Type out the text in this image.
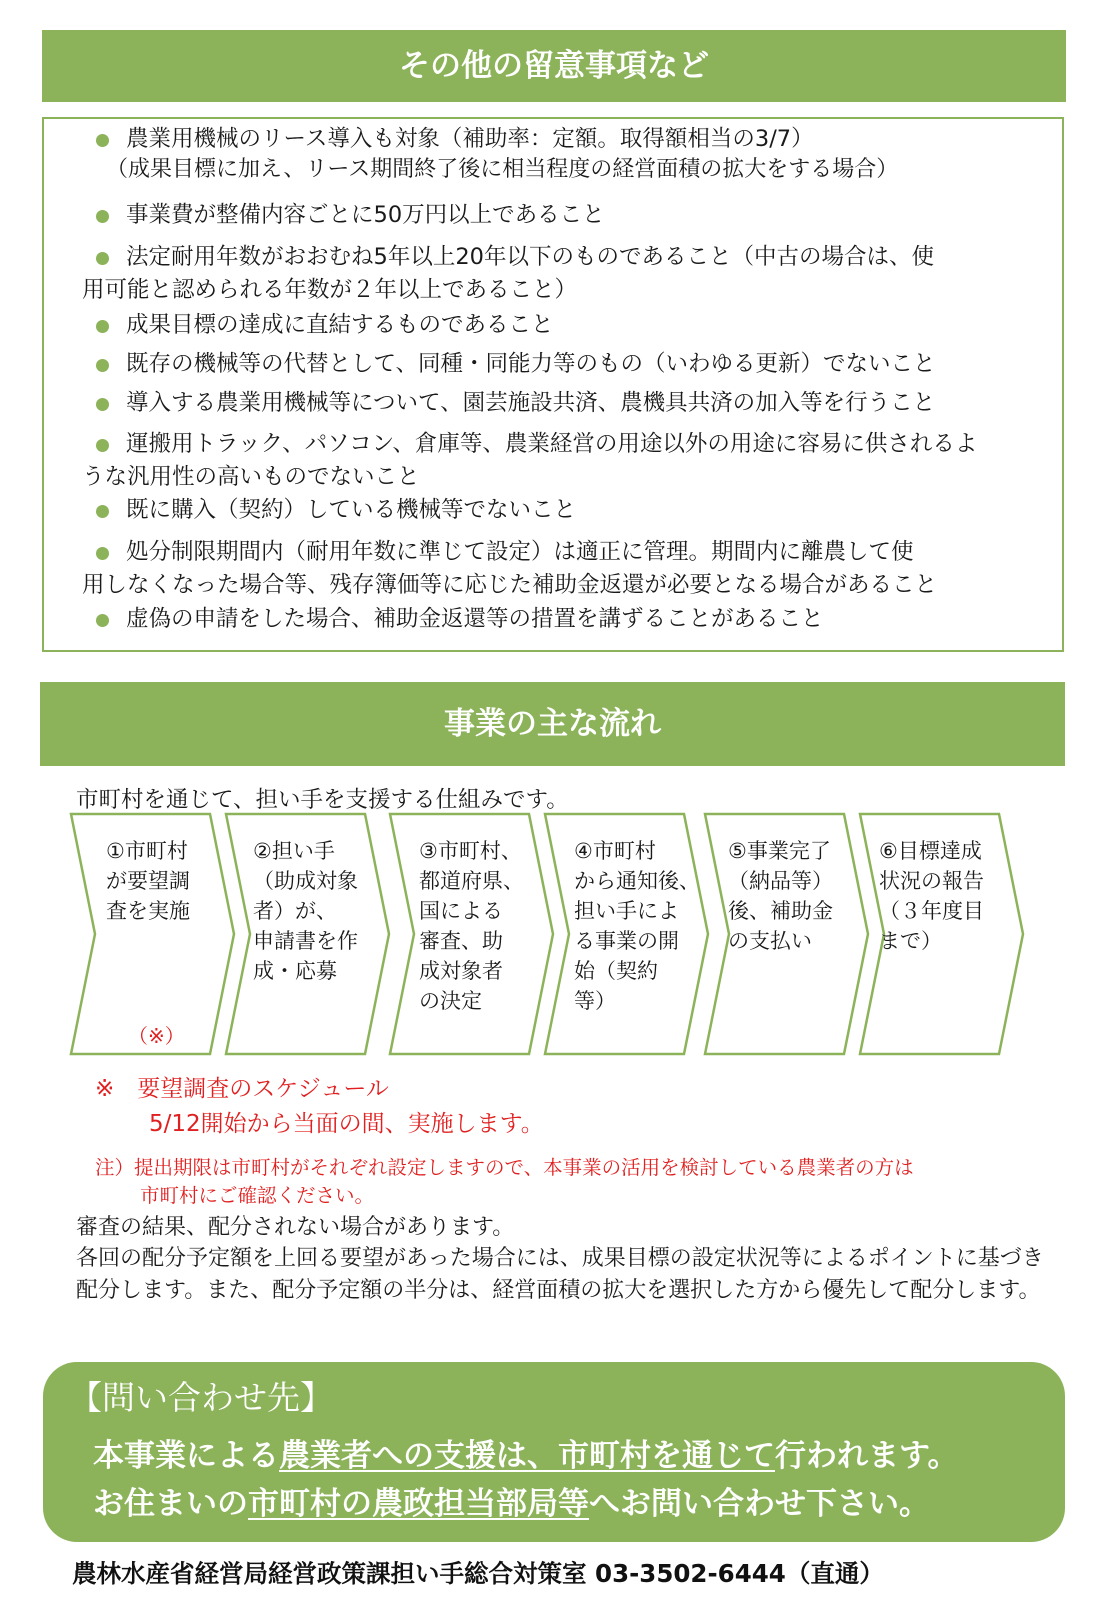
その他の留意事項など
農業用機械のリース導入も対象（補助率：定額。取得額相当の3/7）
（成果目標に加え、リース期間終了後に相当程度の経営面積の拡大をする場合）
事業費が整備内容ごとに50万円以上であること
法定耐用年数がおおむね5年以上20年以下のものであること（中古の場合は、使
用可能と認められる年数が２年以上であること）
成果目標の達成に直結するものであること
既存の機械等の代替として、同種・同能力等のもの（いわゆる更新）でないこと
導入する農業用機械等について、園芸施設共済、農機具共済の加入等を行うこと
運搬用トラック、パソコン、倉庫等、農業経営の用途以外の用途に容易に供されるよ
うな汎用性の高いものでないこと
既に購入（契約）している機械等でないこと
処分制限期間内（耐用年数に準じて設定）は適正に管理。期間内に離農して使
用しなくなった場合等、残存簿価等に応じた補助金返還が必要となる場合があること
虚偽の申請をした場合、補助金返還等の措置を講ずることがあること
事業の主な流れ
市町村を通じて、担い手を支援する仕組みです。
①市町村
が要望調
査を実施
（※）
②担い手
（助成対象
者）が、
申請書を作
成・応募
③市町村、
都道府県、
国による
審査、助
成対象者
の決定
④市町村
から通知後、
担い手によ
る事業の開
始（契約
等）
⑤事業完了
（納品等）
後、補助金
の支払い
⑥目標達成
状況の報告
（３年度目
まで）
※　要望調査のスケジュール
5/12開始から当面の間、実施します。
注）提出期限は市町村がそれぞれ設定しますので、本事業の活用を検討している農業者の方は
市町村にご確認ください。
審査の結果、配分されない場合があります。
各回の配分予定額を上回る要望があった場合には、成果目標の設定状況等によるポイントに基づき配分します。また、配分予定額の半分は、経営面積の拡大を選択した方から優先して配分します。
【問い合わせ先】
本事業による農業者への支援は、市町村を通じて行われます。
お住まいの市町村の農政担当部局等へお問い合わせ下さい。
農林水産省経営局経営政策課担い手総合対策室 03-3502-6444（直通）
